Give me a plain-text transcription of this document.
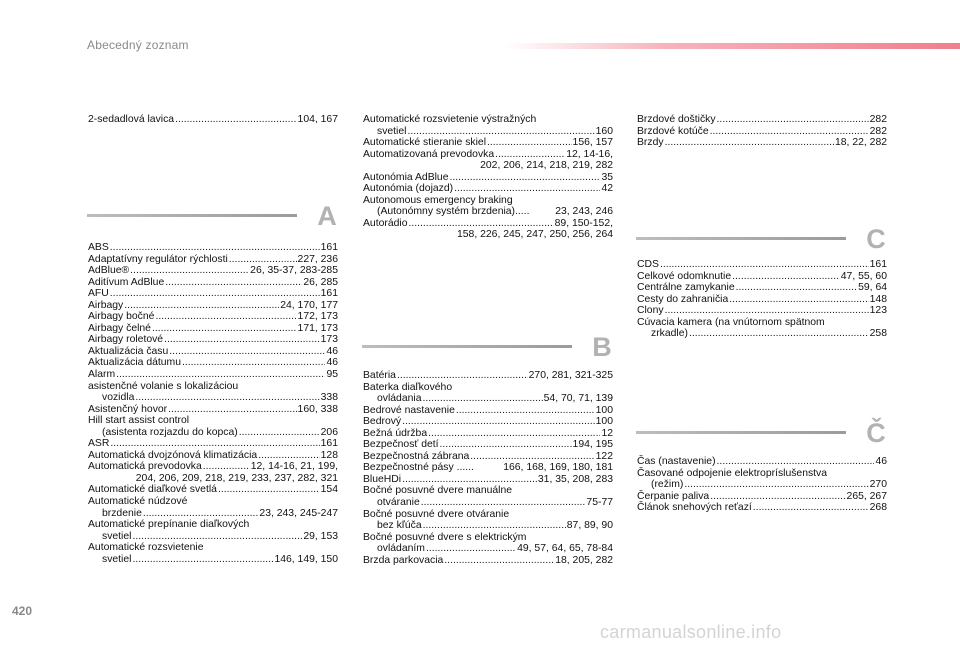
Abecedný zoznam
2-sedadlová lavica .....	104, 167
A
ABS .....	161
Adaptatívny regulátor rýchlosti .....	227, 236
AdBlue® .....	26, 35-37, 283-285
Aditívum AdBlue .....	26, 285
AFU .....	161
Airbagy .....	24, 170, 177
Airbagy bočné .....	172, 173
Airbagy čelné .....	171, 173
Airbagy roletové .....	173
Aktualizácia času .....	46
Aktualizácia dátumu .....	46
Alarm .....	95
asistenčné volanie s lokalizáciou
vozidla .....	338
Asistenčný hovor .....	160, 338
Hill start assist control
(asistenta rozjazdu do kopca) .....	206
ASR .....	161
Automatická dvojzónová klimatizácia .....	128
Automatická prevodovka .....	12, 14-16, 21, 199,
204, 206, 209, 218, 219, 233, 237, 282, 321
Automatické diaľkové svetlá .....	154
Automatické núdzové
brzdenie .....	23, 243, 245-247
Automatické prepínanie diaľkových
svetiel .....	29, 153
Automatické rozsvietenie
svetiel .....	146, 149, 150
Automatické rozsvietenie výstražných
svetiel .....	160
Automatické stieranie skiel .....	156, 157
Automatizovaná prevodovka .....	12, 14-16,
202, 206, 214, 218, 219, 282
Autonómia AdBlue .....	35
Autonómia (dojazd) .....	42
Autonomous emergency braking
(Autonómny systém brzdenia).....	23, 243, 246
Autorádio .....	89, 150-152,
158, 226, 245, 247, 250, 256, 264
B
Batéria .....	270, 281, 321-325
Baterka diaľkového
ovládania .....	54, 70, 71, 139
Bedrové nastavenie .....	100
Bedrový .....	100
Bežná údržba .....	12
Bezpečnosť detí .....	194, 195
Bezpečnostná zábrana .....	122
Bezpečnostné pásy ......	166, 168, 169, 180, 181
BlueHDi .....	31, 35, 208, 283
Bočné posuvné dvere manuálne
otváranie .....	75-77
Bočné posuvné dvere otváranie
bez kľúča .....	87, 89, 90
Bočné posuvné dvere s elektrickým
ovládaním .....	49, 57, 64, 65, 78-84
Brzda parkovacia .....	18, 205, 282
Brzdové doštičky .....	282
Brzdové kotúče .....	282
Brzdy .....	18, 22, 282
C
CDS .....	161
Celkové odomknutie .....	47, 55, 60
Centrálne zamykanie .....	59, 64
Cesty do zahraničia .....	148
Clony .....	123
Cúvacia kamera (na vnútornom spätnom
zrkadle) .....	258
Č
Čas (nastavenie) .....	46
Časované odpojenie elektropríslušenstva
(režim) .....	270
Čerpanie paliva .....	265, 267
Článok snehových reťazí .....	268
420
carmanualsonline.info
